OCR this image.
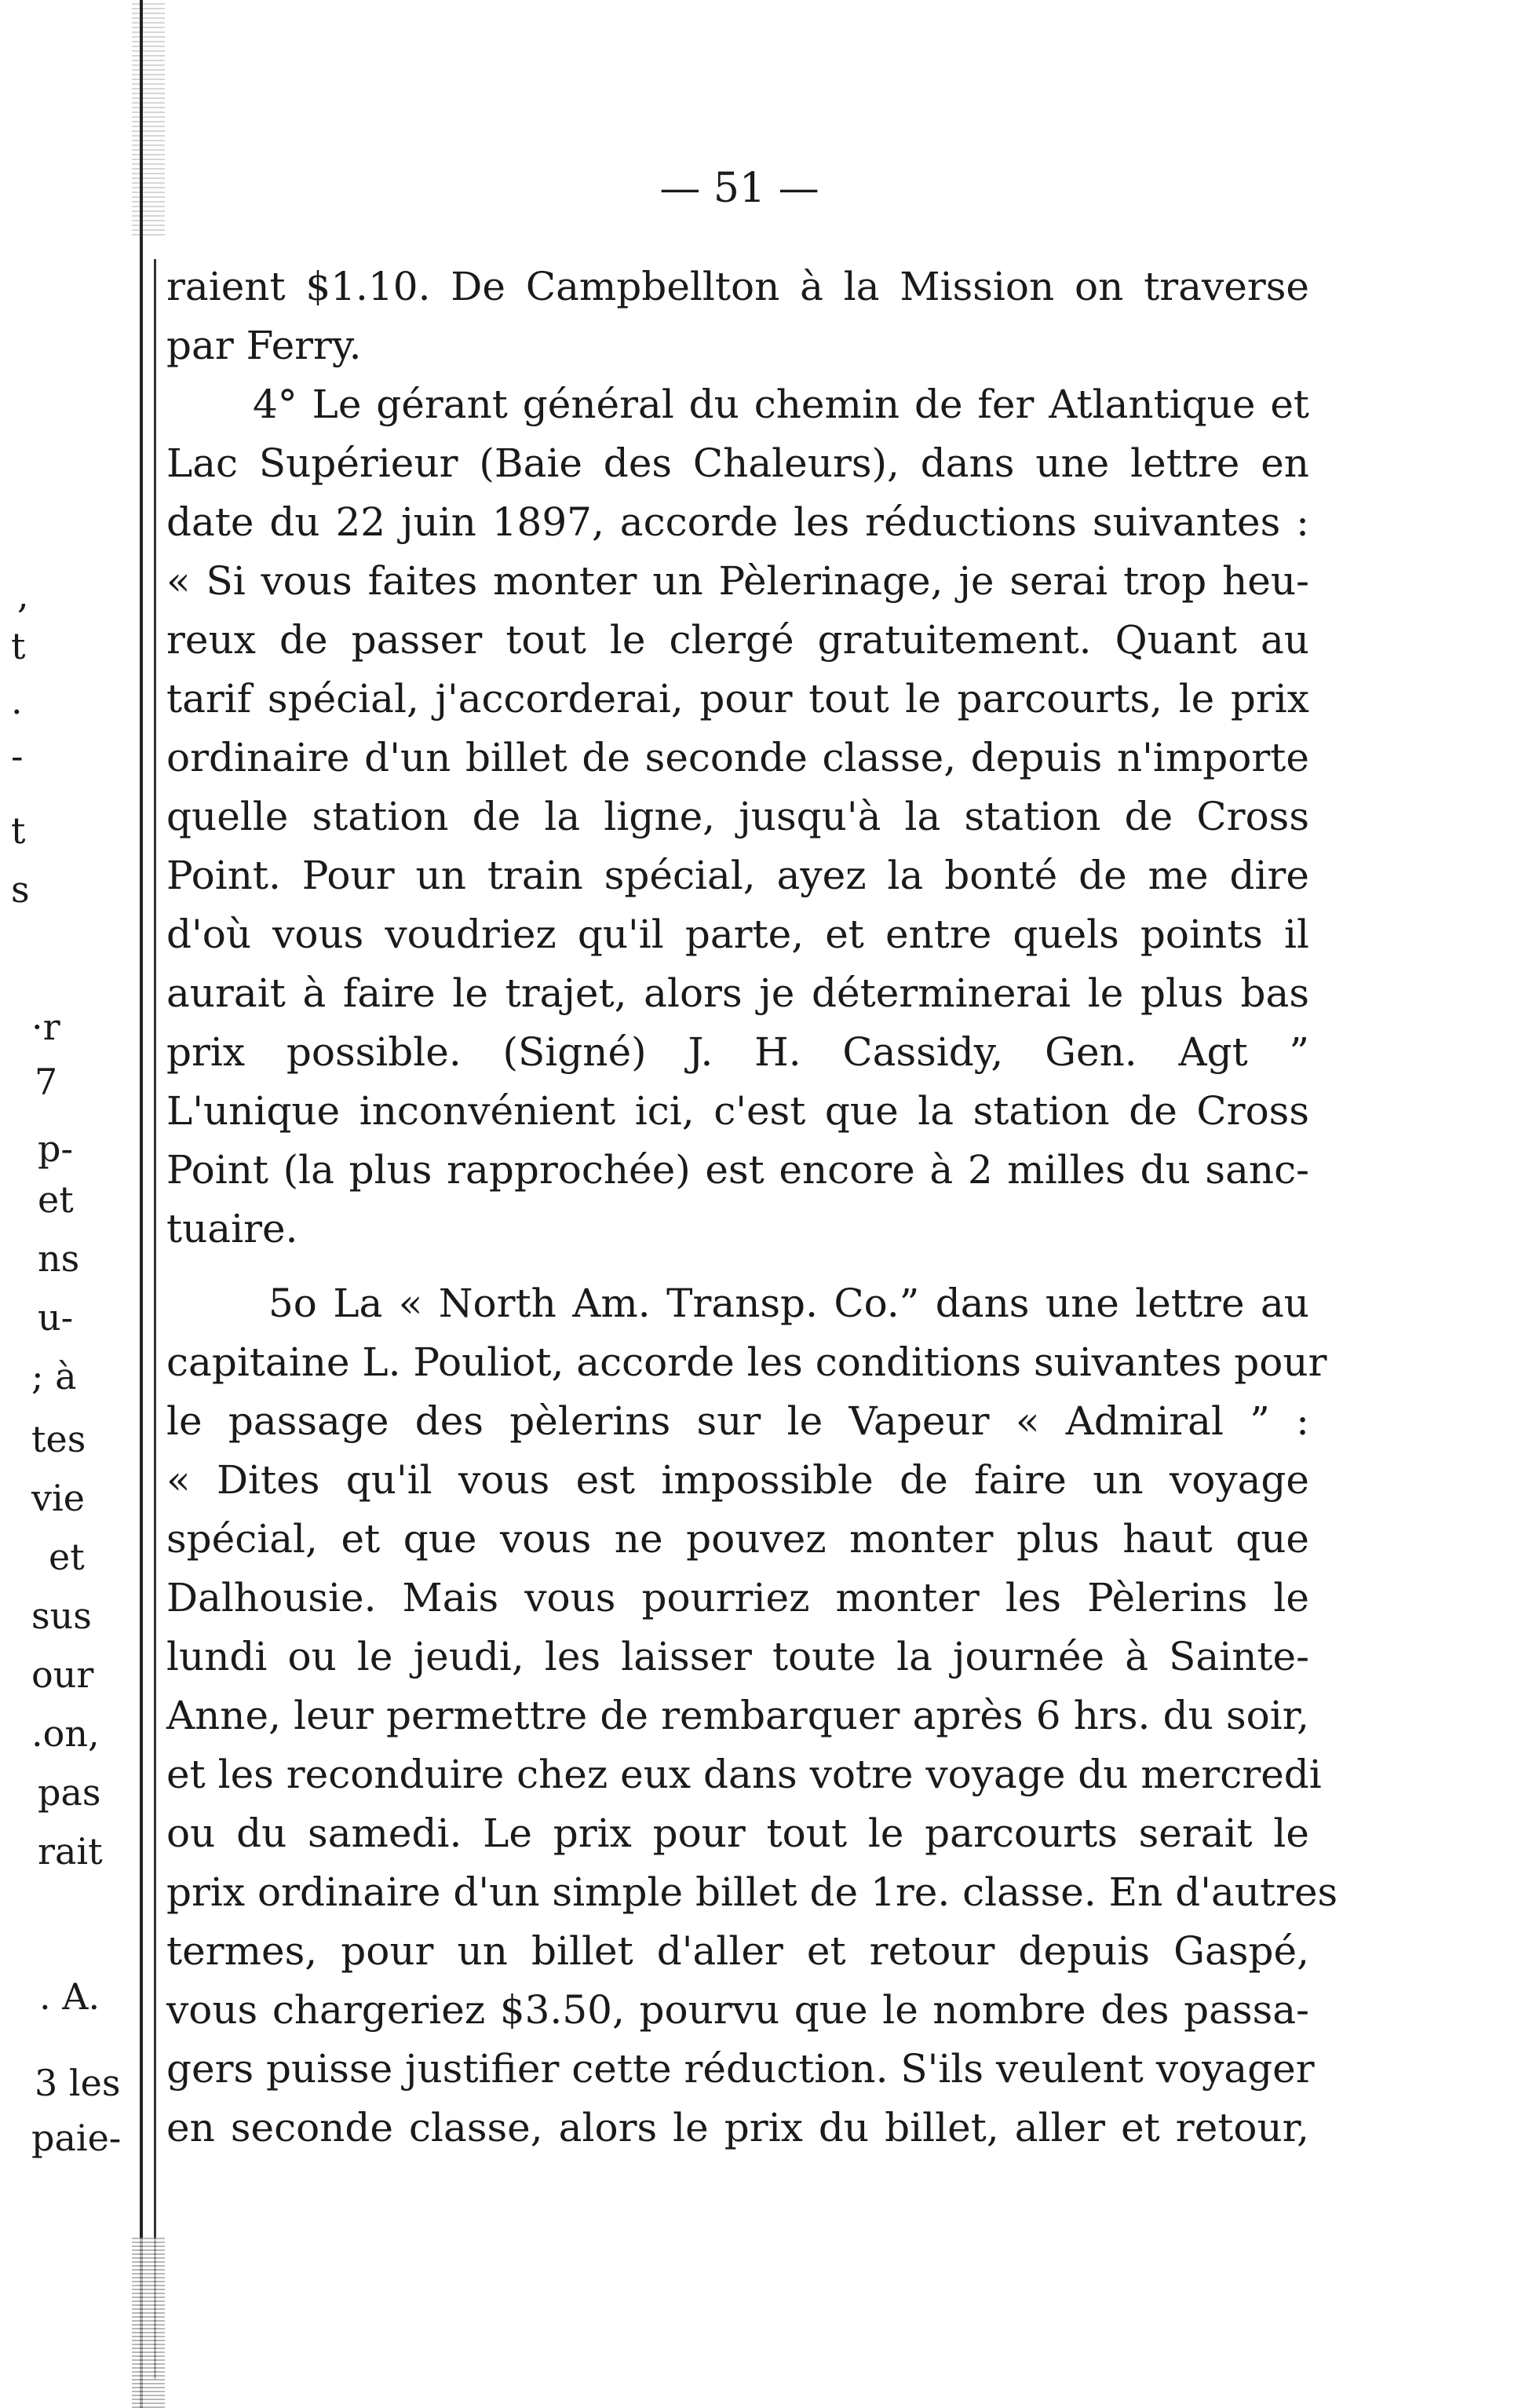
,
t
.
-
t
s
·r
7
p-
et
ns
u-
; à
tes
vie
et
sus
our
.on,
pas
rait
. A.
3 les
paie-
— 51 —
raient $1.10. De Campbellton à la Mission on traverse
par Ferry.
4° Le gérant général du chemin de fer Atlantique et
Lac Supérieur (Baie des Chaleurs), dans une lettre en
date du 22 juin 1897, accorde les réductions suivantes :
« Si vous faites monter un Pèlerinage, je serai trop heu-
reux de passer tout le clergé gratuitement. Quant au
tarif spécial, j'accorderai, pour tout le parcourts, le prix
ordinaire d'un billet de seconde classe, depuis n'importe
quelle station de la ligne, jusqu'à la station de Cross
Point. Pour un train spécial, ayez la bonté de me dire
d'où vous voudriez qu'il parte, et entre quels points il
aurait à faire le trajet, alors je déterminerai le plus bas
prix possible. (Signé) J. H. Cassidy, Gen. Agt ”
L'unique inconvénient ici, c'est que la station de Cross
Point (la plus rapprochée) est encore à 2 milles du sanc-
tuaire.
5o La « North Am. Transp. Co.” dans une lettre au
capitaine L. Pouliot, accorde les conditions suivantes pour
le passage des pèlerins sur le Vapeur « Admiral ” :
« Dites qu'il vous est impossible de faire un voyage
spécial, et que vous ne pouvez monter plus haut que
Dalhousie. Mais vous pourriez monter les Pèlerins le
lundi ou le jeudi, les laisser toute la journée à Sainte-
Anne, leur permettre de rembarquer après 6 hrs. du soir,
et les reconduire chez eux dans votre voyage du mercredi
ou du samedi. Le prix pour tout le parcourts serait le
prix ordinaire d'un simple billet de 1re. classe. En d'autres
termes, pour un billet d'aller et retour depuis Gaspé,
vous chargeriez $3.50, pourvu que le nombre des passa-
gers puisse justifier cette réduction. S'ils veulent voyager
en seconde classe, alors le prix du billet, aller et retour,
